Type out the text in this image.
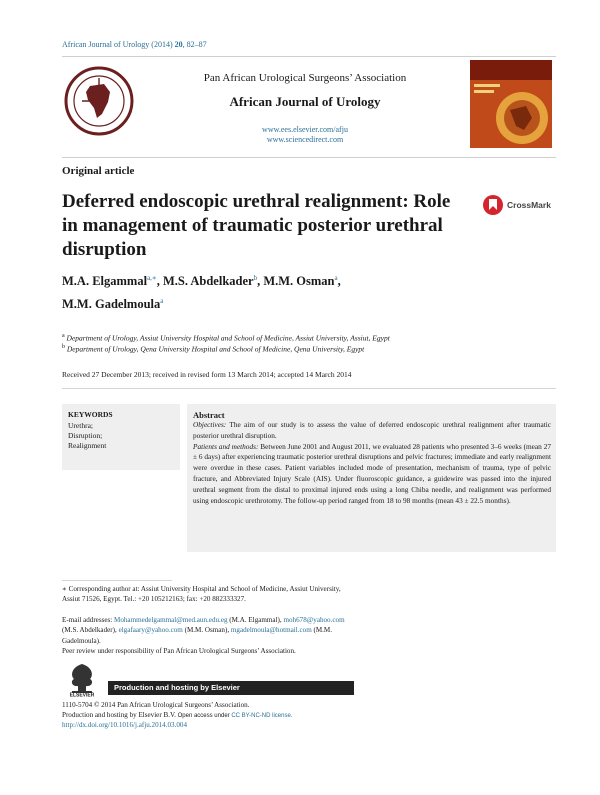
African Journal of Urology (2014) 20, 82–87
Pan African Urological Surgeons’ Association
African Journal of Urology
www.ees.elsevier.com/afju
www.sciencedirect.com
Original article
Deferred endoscopic urethral realignment: Role in management of traumatic posterior urethral disruption
CrossMark
M.A. Elgammal$^{a,∗}$, M.S. Abdelkader$^b$, M.M. Osman$^a$,
M.M. Gadelmoula$^a$
$^a$ Department of Urology, Assiut University Hospital and School of Medicine, Assiut University, Assiut, Egypt
$^b$ Department of Urology, Qena University Hospital and School of Medicine, Qena University, Egypt
Received 27 December 2013; received in revised form 13 March 2014; accepted 14 March 2014
KEYWORDS
Urethra;
Disruption;
Realignment
Abstract
Objectives: The aim of our study is to assess the value of deferred endoscopic urethral realignment after traumatic posterior urethral disruption.
Patients and methods: Between June 2001 and August 2011, we evaluated 28 patients who presented 3–6 weeks (mean 27 ± 6 days) after experiencing traumatic posterior urethral disruptions and pelvic fractures; immediate and early realignment were overdue in these cases. Patient variables included mode of presentation, mechanism of trauma, type of pelvic fracture, and Abbreviated Injury Scale (AIS). Under fluoroscopic guidance, a guidewire was passed into the injured urethral segment from the distal to proximal injured ends using a long Chiba needle, and realignment was performed using endoscopic urethrotomy. The follow-up period ranged from 18 to 98 months (mean 43 ± 22.5 months).
∗ Corresponding author at: Assiut University Hospital and School of Medicine, Assiut University, Assiut 71526, Egypt. Tel.: +20 105212163; fax: +20 882333327.
E-mail addresses: Mohammedelgammal@med.aun.edu.eg (M.A. Elgammal), moh678@yahoo.com (M.S. Abdelkader), elgafaary@yahoo.com (M.M. Osman), mgadelmoula@hotmail.com (M.M. Gadelmoula).
Peer review under responsibility of Pan African Urological Surgeons’ Association.
ELSEVIER
Production and hosting by Elsevier
1110-5704 © 2014 Pan African Urological Surgeons’ Association.
Production and hosting by Elsevier B.V. Open access under CC BY-NC-ND license.
http://dx.doi.org/10.1016/j.afju.2014.03.004
